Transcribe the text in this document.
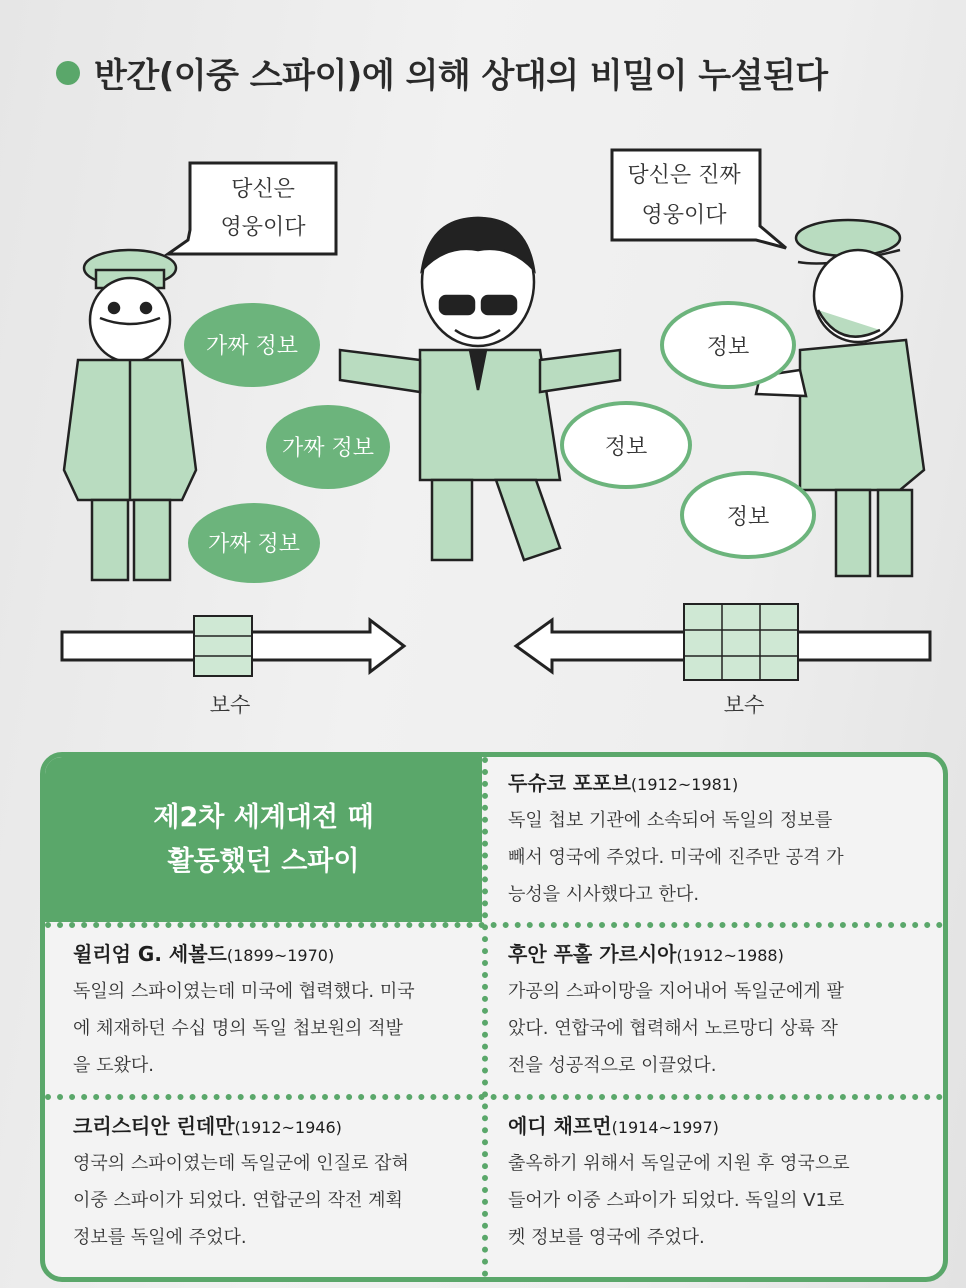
반간(이중 스파이)에 의해 상대의 비밀이 누설된다
당신은
영웅이다
당신은 진짜
영웅이다
가짜 정보
가짜 정보
가짜 정보
정보
정보
정보
보수	보수
제2차 세계대전 때
활동했던 스파이
두슈코 포포브(1912~1981)
독일 첩보 기관에 소속되어 독일의 정보를
빼서 영국에 주었다. 미국에 진주만 공격 가
능성을 시사했다고 한다.
윌리엄 G. 세볼드(1899~1970)
독일의 스파이였는데 미국에 협력했다. 미국
에 체재하던 수십 명의 독일 첩보원의 적발
을 도왔다.
후안 푸홀 가르시아(1912~1988)
가공의 스파이망을 지어내어 독일군에게 팔
았다. 연합국에 협력해서 노르망디 상륙 작
전을 성공적으로 이끌었다.
크리스티안 린데만(1912~1946)
영국의 스파이였는데 독일군에 인질로 잡혀
이중 스파이가 되었다. 연합군의 작전 계획
정보를 독일에 주었다.
에디 채프먼(1914~1997)
출옥하기 위해서 독일군에 지원 후 영국으로
들어가 이중 스파이가 되었다. 독일의 V1로
켓 정보를 영국에 주었다.
